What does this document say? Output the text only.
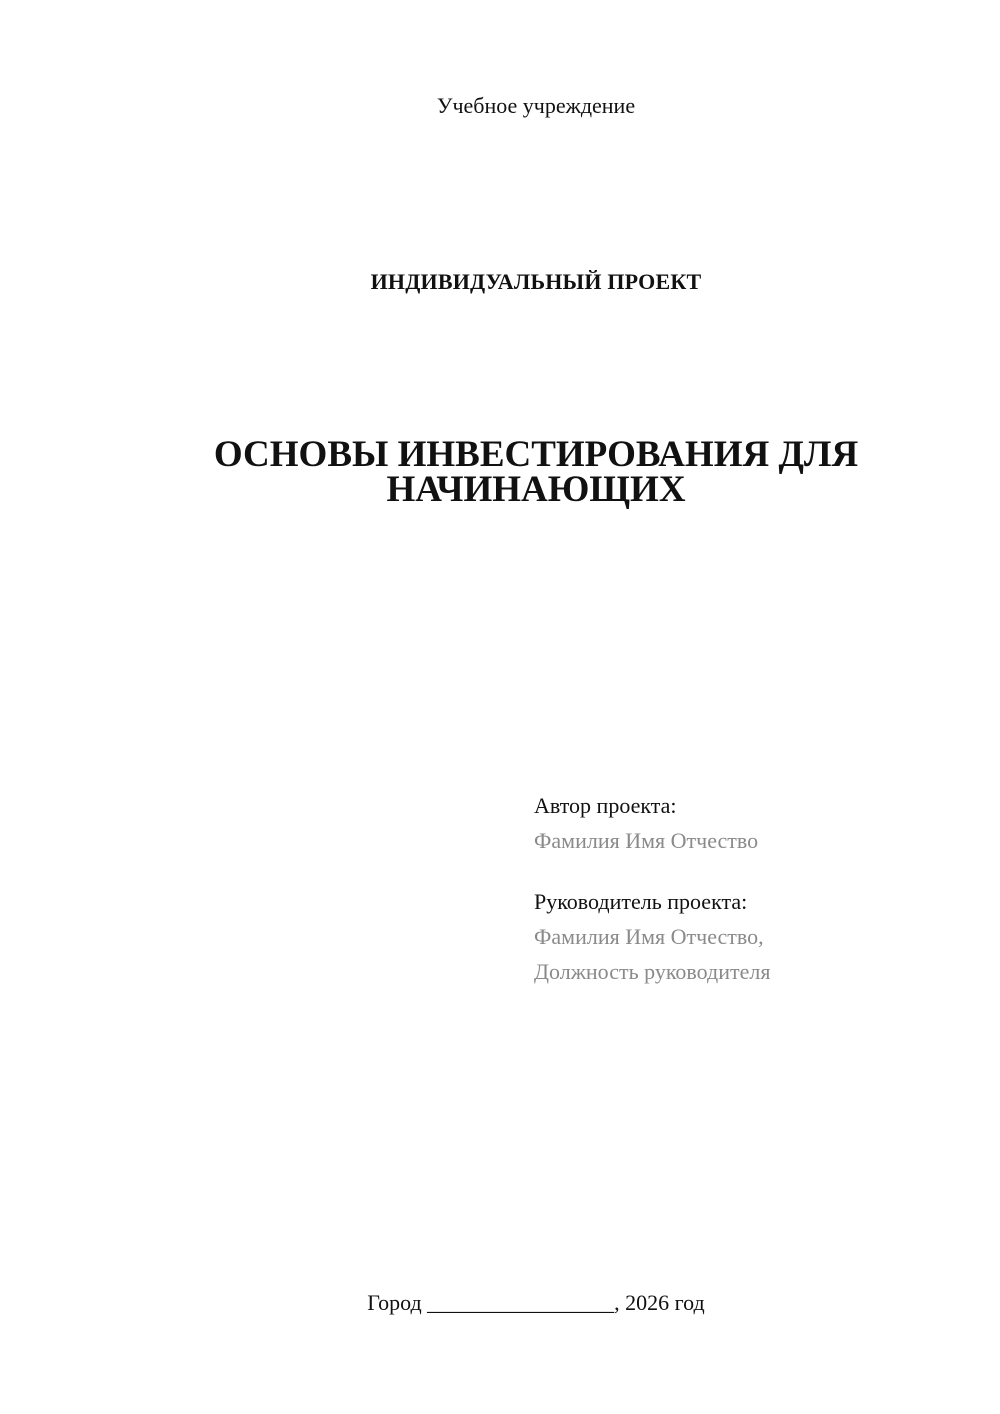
Учебное учреждение
ИНДИВИДУАЛЬНЫЙ ПРОЕКТ
ОСНОВЫ ИНВЕСТИРОВАНИЯ ДЛЯ
НАЧИНАЮЩИХ
Автор проекта:
Фамилия Имя Отчество
Руководитель проекта:
Фамилия Имя Отчество,
Должность руководителя
Город _________________, 2026 год
